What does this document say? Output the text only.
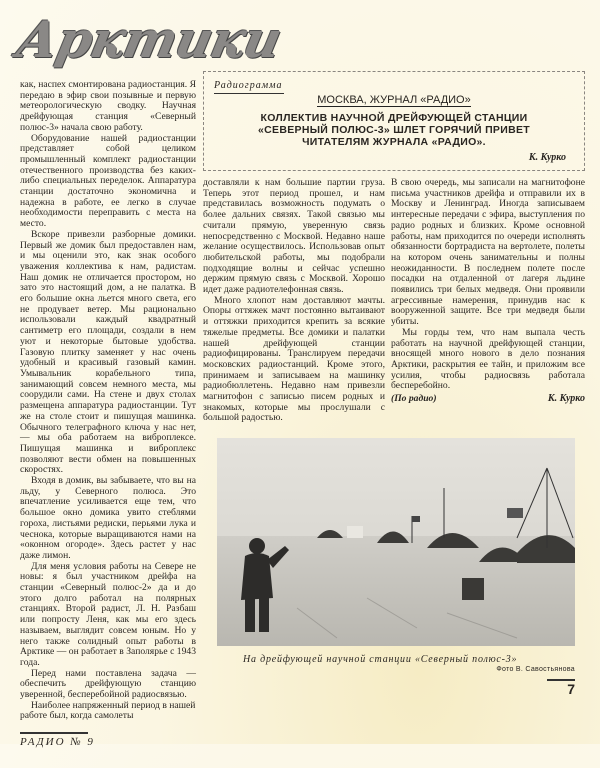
Арктики

как, наспех смонтирована радиостанция. Я передаю в эфир свои позывные и первую метеорологическую сводку. Научная дрейфующая станция «Северный полюс-3» начала свою работу.

Оборудование нашей радиостанции представляет собой целиком промышленный комплект радиостанции отечественного производства без каких-либо специальных переделок. Аппаратура станции достаточно экономична и надежна в работе, ее легко в случае необходимости переправить с места на место.

Вскоре привезли разборные домики. Первый же домик был предоставлен нам, и мы оценили это, как знак особого уважения коллектива к нам, радистам. Наш домик не отличается простором, но зато это настоящий дом, а не палатка. В его большие окна льется много света, его не продувает ветер. Мы рационально использовали каждый квадратный сантиметр его площади, создали в нем уют и некоторые бытовые удобства. Газовую плитку заменяет у нас очень удобный и красивый газовый камин. Умывальник корабельного типа, занимающий совсем немного места, мы соорудили сами. На стене и двух столах размещена аппаратура радиостанции. Тут же на столе стоит и пишущая машинка. Обычного телеграфного ключа у нас нет,— мы оба работаем на виброплексе. Пишущая машинка и виброплекс позволяют вести обмен на повышенных скоростях.

Входя в домик, вы забываете, что вы на льду, у Северного полюса. Это впечатление усиливается еще тем, что большое окно домика увито стеблями гороха, листьями редиски, перьями лука и чеснока, которые выращиваются нами на «оконном огороде». Здесь растет у нас даже лимон.

Для меня условия работы на Севере не новы: я был участником дрейфа на станции «Северный полюс-2» да и до этого долго работал на полярных станциях. Второй радист, Л. Н. Разбаш или попросту Леня, как мы его здесь называем, выглядит совсем юным. Но у него также солидный опыт работы в Арктике — он работает в Заполярье с 1943 года.

Перед нами поставлена задача — обеспечить дрейфующую станцию уверенной, бесперебойной радиосвязью.

Наиболее напряженный период в нашей работе был, когда самолеты

РАДИО № 9
Радиограмма
МОСКВА, ЖУРНАЛ «РАДИО»
КОЛЛЕКТИВ НАУЧНОЙ ДРЕЙФУЮЩЕЙ СТАНЦИИ
«СЕВЕРНЫЙ ПОЛЮС-3» ШЛЕТ ГОРЯЧИЙ ПРИВЕТ
ЧИТАТЕЛЯМ ЖУРНАЛА «РАДИО».
К. Курко

доставляли к нам большие партии груза. Теперь этот период прошел, и нам представилась возможность подумать о более дальних связях. Такой связью мы считали прямую, уверенную связь непосредственно с Москвой. Недавно наше желание осуществилось. Использовав опыт любительской работы, мы подобрали подходящие волны и сейчас успешно держим прямую связь с Москвой. Хорошо идет даже радиотелефонная связь.

Много хлопот нам доставляют мачты. Опоры оттяжек мачт постоянно вытаивают и оттяжки приходится крепить за всякие тяжелые предметы. Все домики и палатки нашей дрейфующей станции радиофицированы. Транслируем передачи московских радиостанций. Кроме этого, принимаем и записываем на машинку радиобюллетень. Недавно нам привезли магнитофон с записью писем родных и знакомых, которые мы прослушали с большой радостью.

В свою очередь, мы записали на магнитофоне письма участников дрейфа и отправили их в Москву и Ленинград. Иногда записываем интересные передачи с эфира, выступления по радио родных и близких. Кроме основной работы, нам приходится по очереди исполнять обязанности бортрадиста на вертолете, полеты на котором очень занимательны и полны неожиданности. В последнем полете после посадки на отдаленной от лагеря льдине появились три белых медведя. Они проявили агрессивные намерения, принудив нас к вооруженной защите. Все три медведя были убиты.

Мы горды тем, что нам выпала честь работать на научной дрейфующей станции, вносящей много нового в дело познания Арктики, раскрытия ее тайн, и приложим все усилия, чтобы радиосвязь работала бесперебойно.

(По радио)	К. Курко
На дрейфующей научной станции «Северный полюс-3»
Фото В. Савостьянова
7
